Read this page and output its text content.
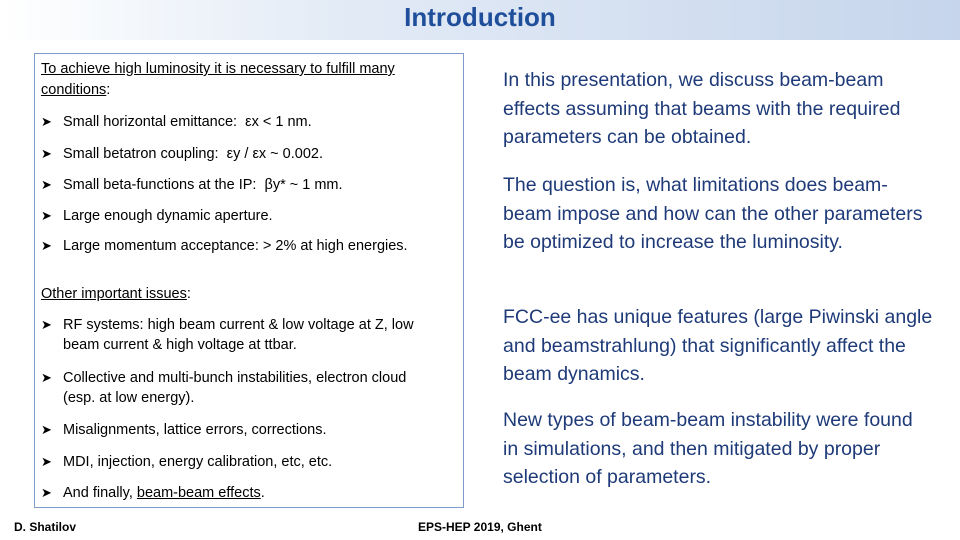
Introduction
To achieve high luminosity it is necessary to fulfill many conditions:
➤ Small horizontal emittance: εx < 1 nm.
➤ Small betatron coupling: εy / εx ~ 0.002.
➤ Small beta-functions at the IP: βy* ~ 1 mm.
➤ Large enough dynamic aperture.
➤ Large momentum acceptance: > 2% at high energies.
Other important issues:
➤ RF systems: high beam current & low voltage at Z, low beam current & high voltage at ttbar.
➤ Collective and multi-bunch instabilities, electron cloud (esp. at low energy).
➤ Misalignments, lattice errors, corrections.
➤ MDI, injection, energy calibration, etc, etc.
➤ And finally, beam-beam effects.
In this presentation, we discuss beam-beam effects assuming that beams with the required parameters can be obtained.
The question is, what limitations does beam-beam impose and how can the other parameters be optimized to increase the luminosity.
FCC-ee has unique features (large Piwinski angle and beamstrahlung) that significantly affect the beam dynamics.
New types of beam-beam instability were found in simulations, and then mitigated by proper selection of parameters.
D. Shatilov	EPS-HEP 2019, Ghent
